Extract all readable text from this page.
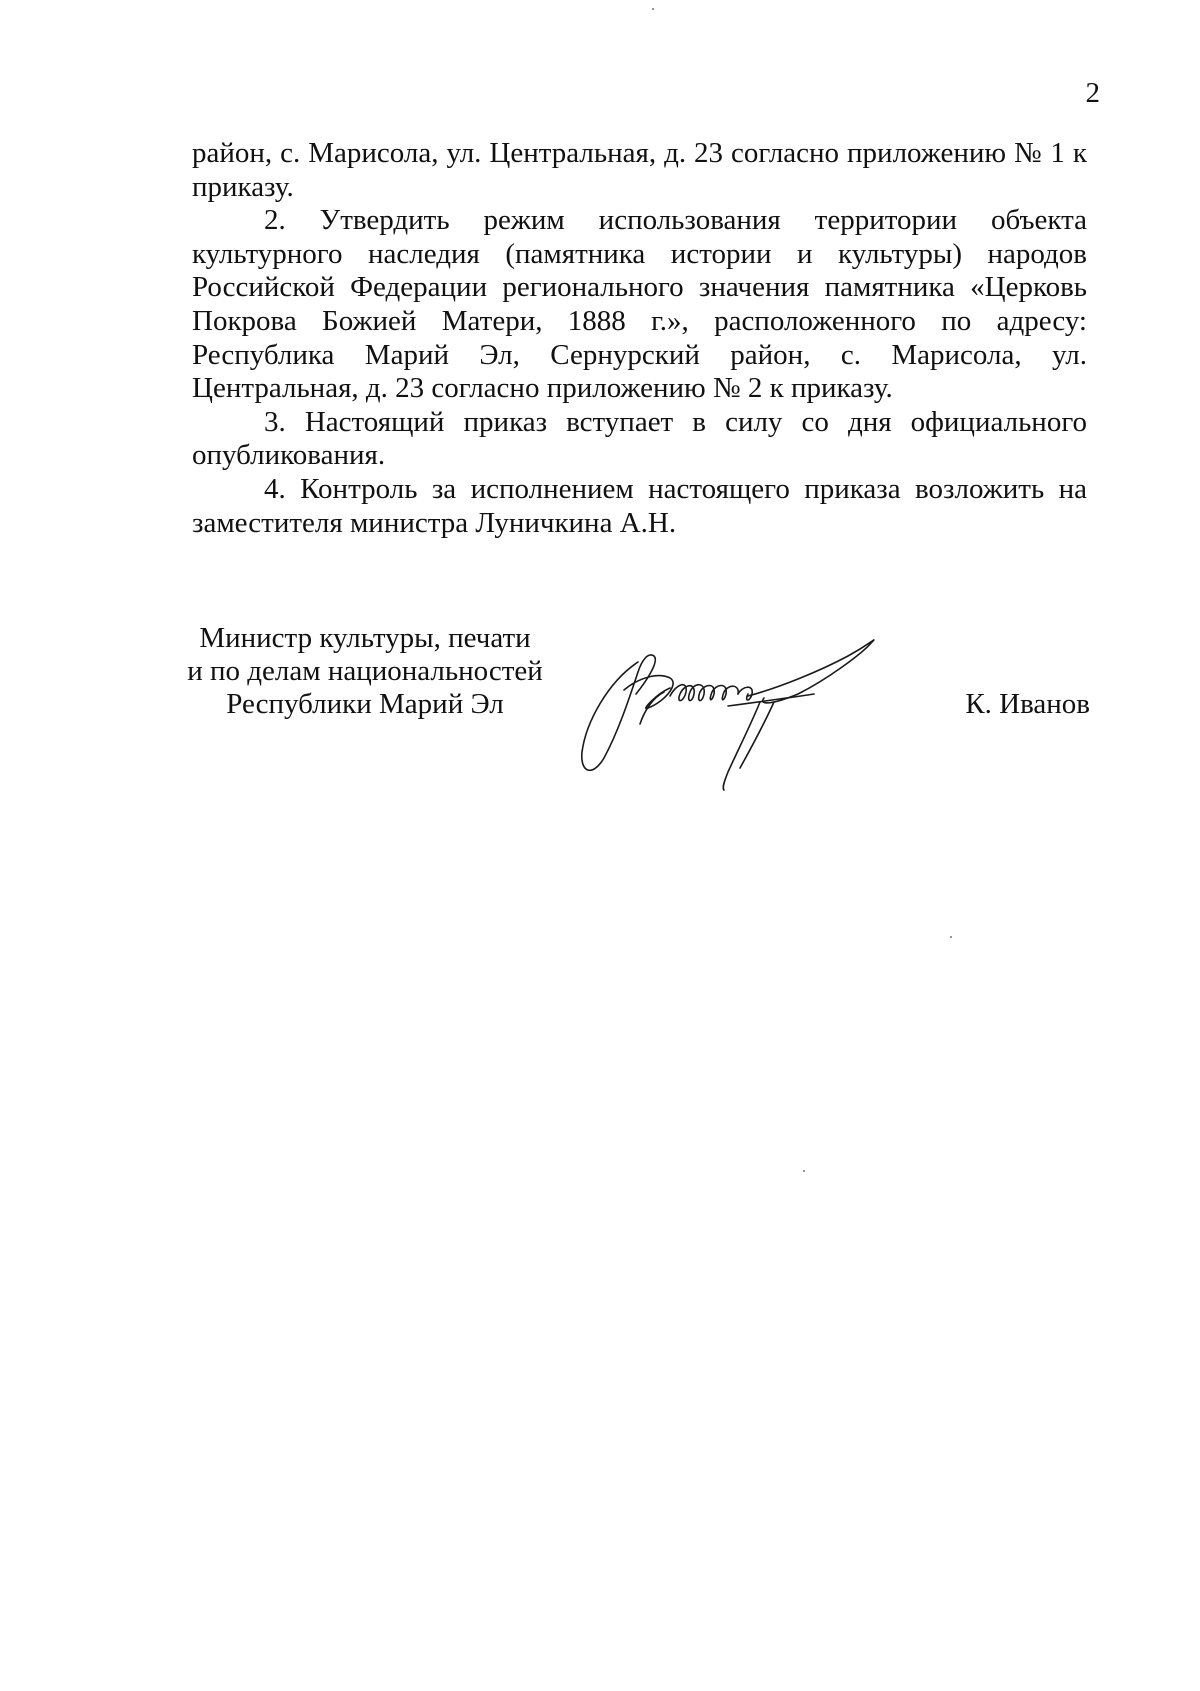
2

район, с. Марисола, ул. Центральная, д. 23 согласно приложению № 1 к приказу.

2. Утвердить режим использования территории объекта культурного наследия (памятника истории и культуры) народов Российской Федерации регионального значения памятника «Церковь Покрова Божией Матери, 1888 г.», расположенного по адресу: Республика Марий Эл, Сернурский район, с. Марисола, ул. Центральная, д. 23 согласно приложению № 2 к приказу.

3. Настоящий приказ вступает в силу со дня официального опубликования.

4. Контроль за исполнением настоящего приказа возложить на заместителя министра Луничкина А.Н.

Министр культуры, печати
и по делам национальностей
Республики Марий Эл	К. Иванов
